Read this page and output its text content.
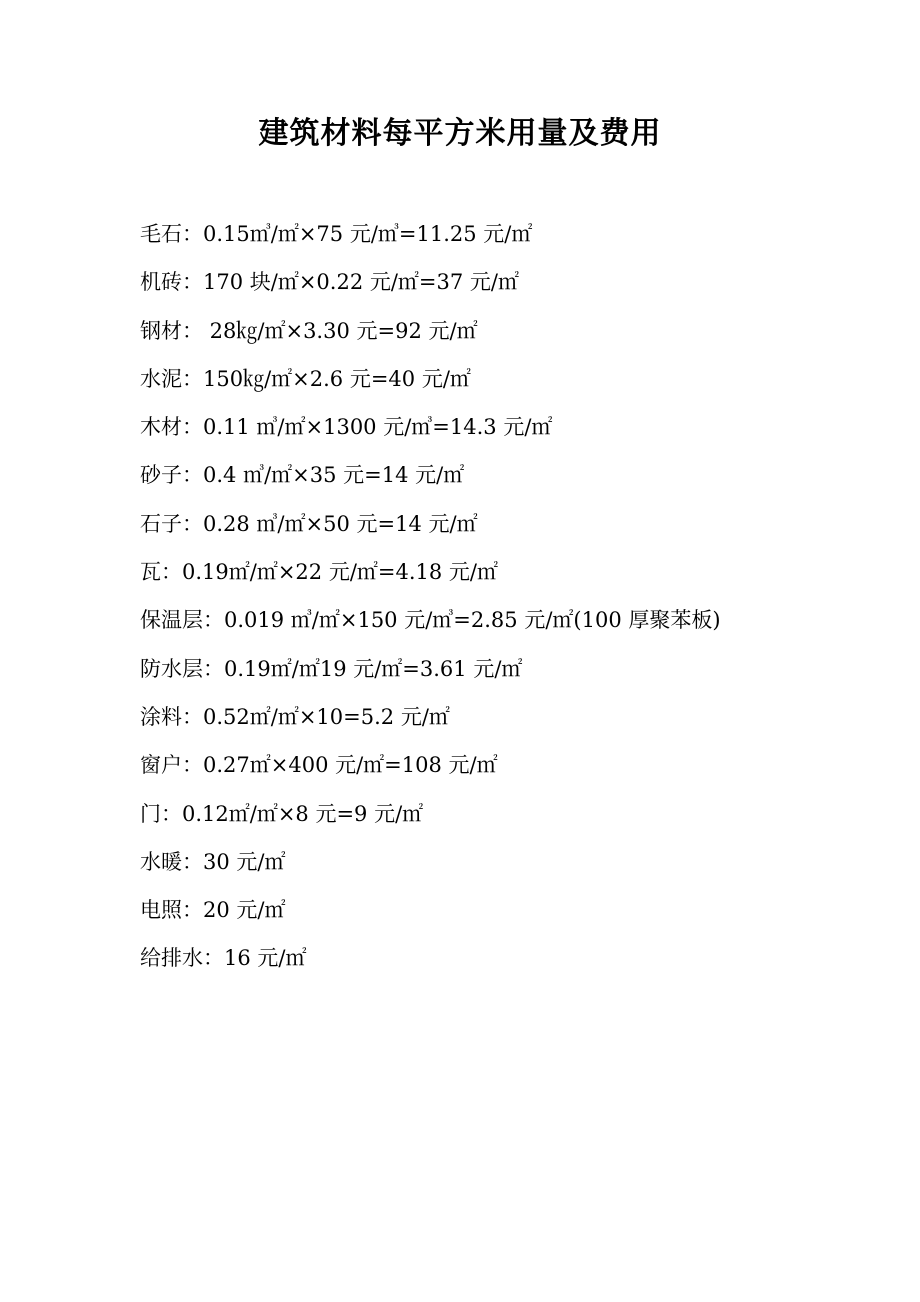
建筑材料每平方米用量及费用
毛石：0.15㎥/㎡×75 元/㎥=11.25 元/㎡
机砖：170 块/㎡×0.22 元/㎡=37 元/㎡
钢材： 28㎏/㎡×3.30 元=92 元/㎡
水泥：150㎏/㎡×2.6 元=40 元/㎡
木材：0.11 ㎥/㎡×1300 元/㎥=14.3 元/㎡
砂子：0.4 ㎥/㎡×35 元=14 元/㎡
石子：0.28 ㎥/㎡×50 元=14 元/㎡
瓦：0.19㎡/㎡×22 元/㎡=4.18 元/㎡
保温层：0.019 ㎥/㎡×150 元/㎥=2.85 元/㎡(100 厚聚苯板)
防水层：0.19㎡/㎡19 元/㎡=3.61 元/㎡
涂料：0.52㎡/㎡×10=5.2 元/㎡
窗户：0.27㎡×400 元/㎡=108 元/㎡
门：0.12㎡/㎡×8 元=9 元/㎡
水暖：30 元/㎡
电照：20 元/㎡
给排水：16 元/㎡
